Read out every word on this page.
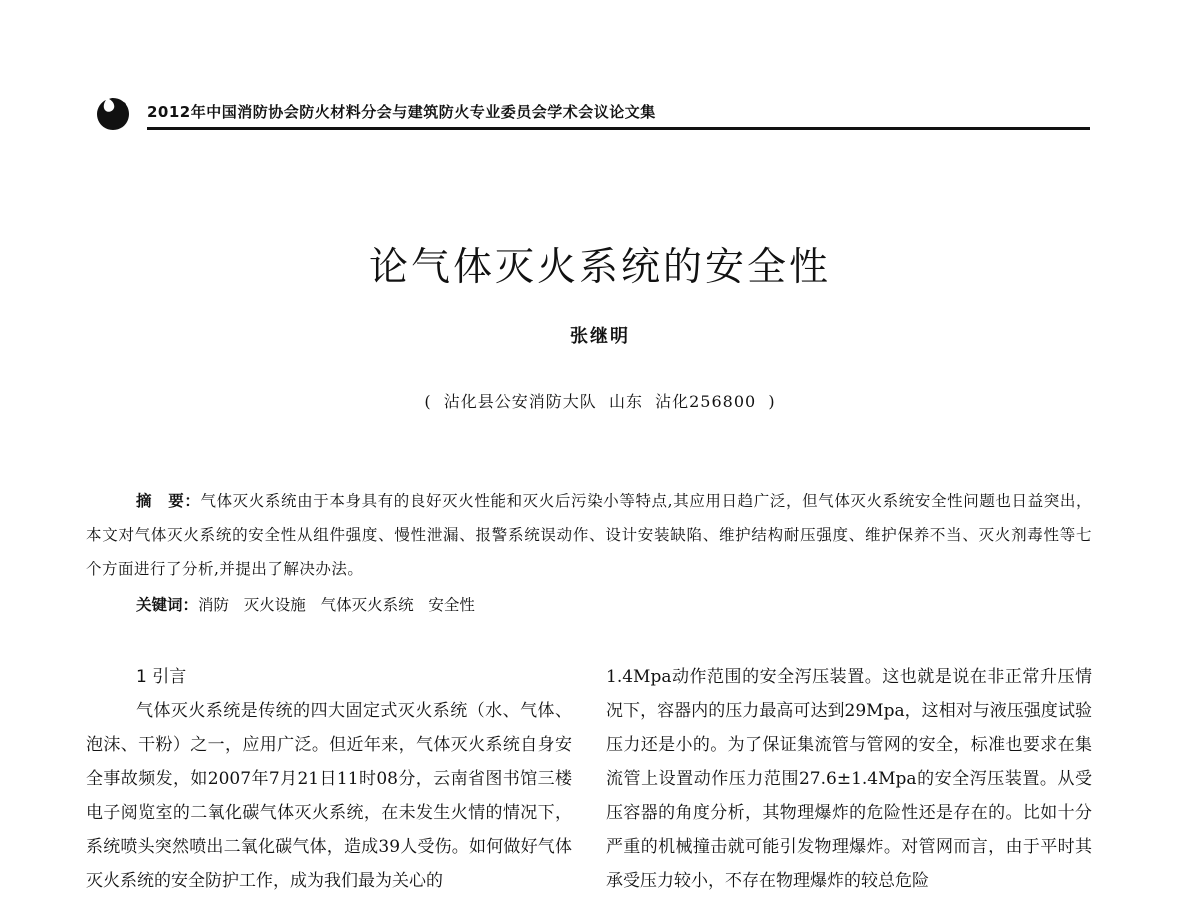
2012年中国消防协会防火材料分会与建筑防火专业委员会学术会议论文集
论气体灭火系统的安全性
张继明
(  沾化县公安消防大队  山东  沾化256800  )
摘　要：气体灭火系统由于本身具有的良好灭火性能和灭火后污染小等特点,其应用日趋广泛，但气体灭火系统安全性问题也日益突出，本文对气体灭火系统的安全性从组件强度、慢性泄漏、报警系统误动作、设计安装缺陷、维护结构耐压强度、维护保养不当、灭火剂毒性等七个方面进行了分析,并提出了解决办法。
关键词：消防   灭火设施   气体灭火系统   安全性
1 引言

气体灭火系统是传统的四大固定式灭火系统（水、气体、泡沫、干粉）之一，应用广泛。但近年来，气体灭火系统自身安全事故频发，如2007年7月21日11时08分，云南省图书馆三楼电子阅览室的二氧化碳气体灭火系统，在未发生火情的情况下，系统喷头突然喷出二氧化碳气体，造成39人受伤。如何做好气体灭火系统的安全防护工作，成为我们最为关心的

1.4Mpa动作范围的安全泻压装置。这也就是说在非正常升压情况下，容器内的压力最高可达到29Mpa，这相对与液压强度试验压力还是小的。为了保证集流管与管网的安全，标准也要求在集流管上设置动作压力范围27.6±1.4Mpa的安全泻压装置。从受压容器的角度分析，其物理爆炸的危险性还是存在的。比如十分严重的机械撞击就可能引发物理爆炸。对管网而言，由于平时其承受压力较小，不存在物理爆炸的较总危险
